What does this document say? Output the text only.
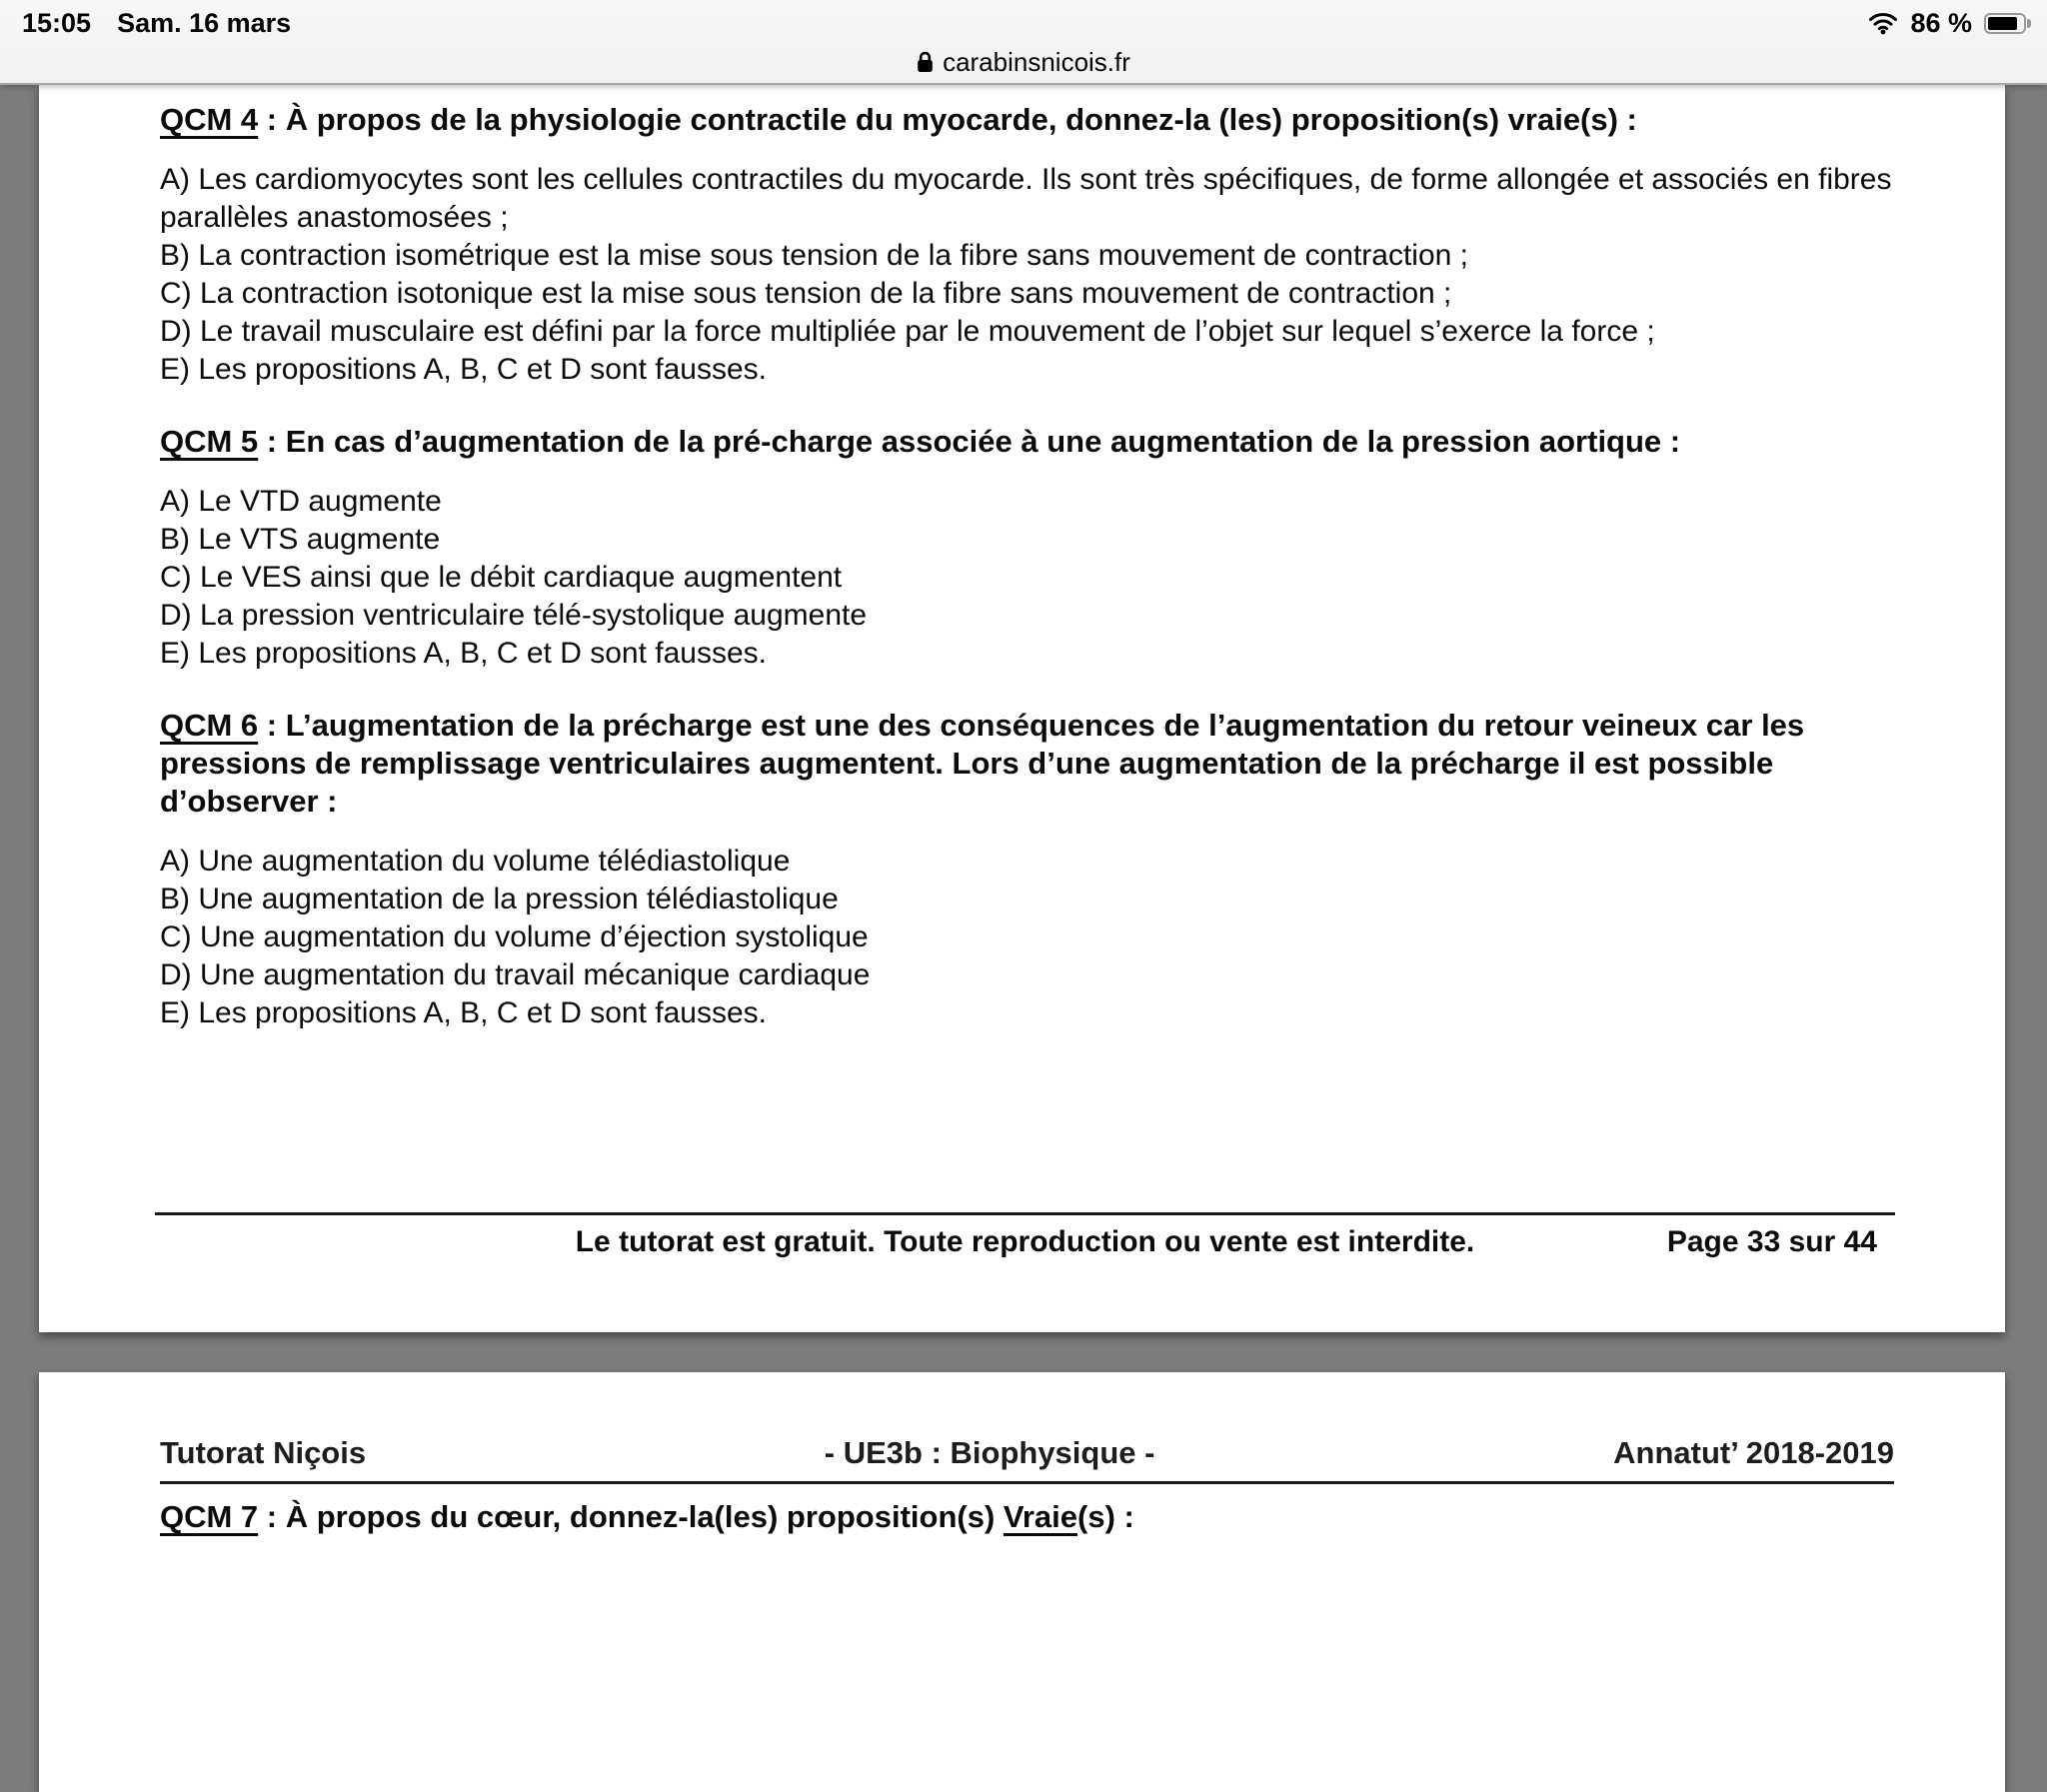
15:05 Sam. 16 mars	86 %
carabinsnicois.fr
QCM 4 : À propos de la physiologie contractile du myocarde, donnez-la (les) proposition(s) vraie(s) :
A) Les cardiomyocytes sont les cellules contractiles du myocarde. Ils sont très spécifiques, de forme allongée et associés en fibres parallèles anastomosées ;
B) La contraction isométrique est la mise sous tension de la fibre sans mouvement de contraction ;
C) La contraction isotonique est la mise sous tension de la fibre sans mouvement de contraction ;
D) Le travail musculaire est défini par la force multipliée par le mouvement de l’objet sur lequel s’exerce la force ;
E) Les propositions A, B, C et D sont fausses.
QCM 5 : En cas d’augmentation de la pré-charge associée à une augmentation de la pression aortique :
A) Le VTD augmente
B) Le VTS augmente
C) Le VES ainsi que le débit cardiaque augmentent
D) La pression ventriculaire télé-systolique augmente
E) Les propositions A, B, C et D sont fausses.
QCM 6 : L’augmentation de la précharge est une des conséquences de l’augmentation du retour veineux car les pressions de remplissage ventriculaires augmentent. Lors d’une augmentation de la précharge il est possible d’observer :
A) Une augmentation du volume télédiastolique
B) Une augmentation de la pression télédiastolique
C) Une augmentation du volume d’éjection systolique
D) Une augmentation du travail mécanique cardiaque
E) Les propositions A, B, C et D sont fausses.
Le tutorat est gratuit. Toute reproduction ou vente est interdite.	Page 33 sur 44
Tutorat Niçois	- UE3b : Biophysique -	Annatut’ 2018-2019
QCM 7 : À propos du cœur, donnez-la(les) proposition(s) Vraie(s) :
